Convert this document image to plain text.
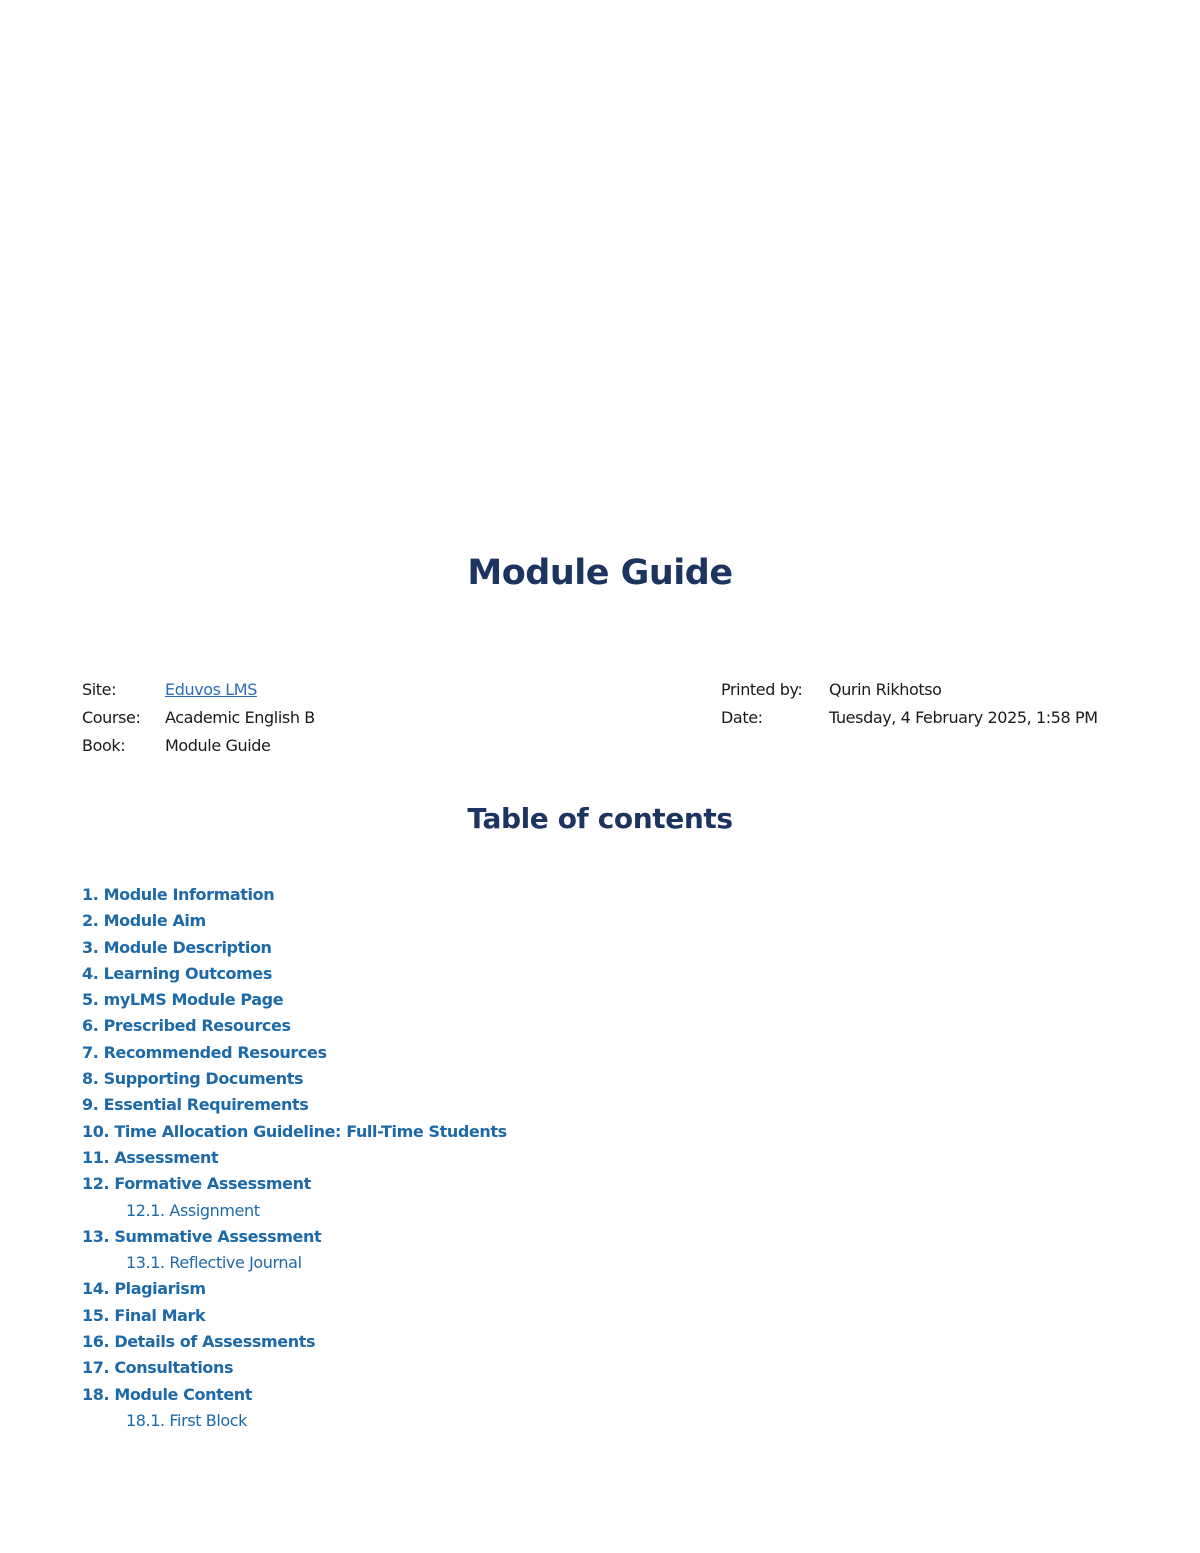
Module Guide
Site:	Eduvos LMS
Course:	Academic English B
Book:	Module Guide
Printed by:	Qurin Rikhotso
Date:	Tuesday, 4 February 2025, 1:58 PM
Table of contents
1. Module Information
2. Module Aim
3. Module Description
4. Learning Outcomes
5. myLMS Module Page
6. Prescribed Resources
7. Recommended Resources
8. Supporting Documents
9. Essential Requirements
10. Time Allocation Guideline: Full-Time Students
11. Assessment
12. Formative Assessment
12.1. Assignment
13. Summative Assessment
13.1. Reflective Journal
14. Plagiarism
15. Final Mark
16. Details of Assessments
17. Consultations
18. Module Content
18.1. First Block
